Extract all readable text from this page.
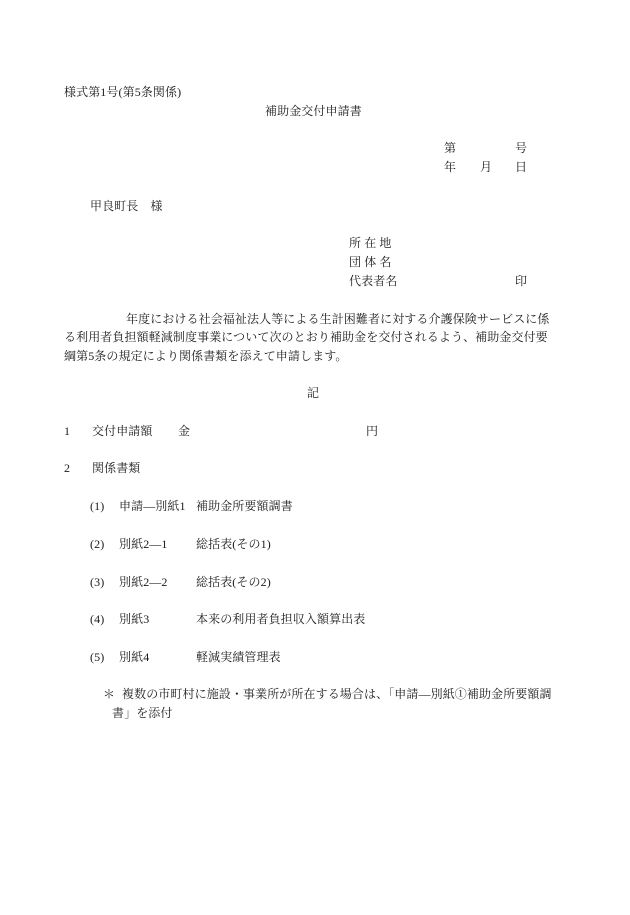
様式第1号(第5条関係)
補助金交付申請書
第	号
年 月 日
甲良町長　様
所 在 地
団 体 名
代表者名	印
年度における社会福祉法人等による生計困難者に対する介護保険サービスに係
る利用者負担額軽減制度事業について次のとおり補助金を交付されるよう、補助金交付要
綱第5条の規定により関係書類を添えて申請します。
記
1 交付申請額 金	円
2 関係書類
(1) 申請—別紙1 補助金所要額調書
(2) 別紙2—1 総括表(その1)
(3) 別紙2—2 総括表(その2)
(4) 別紙3	本来の利用者負担収入額算出表
(5) 別紙4	軽減実績管理表
＊ 複数の市町村に施設・事業所が所在する場合は、「申請—別紙①補助金所要額調
書」を添付
